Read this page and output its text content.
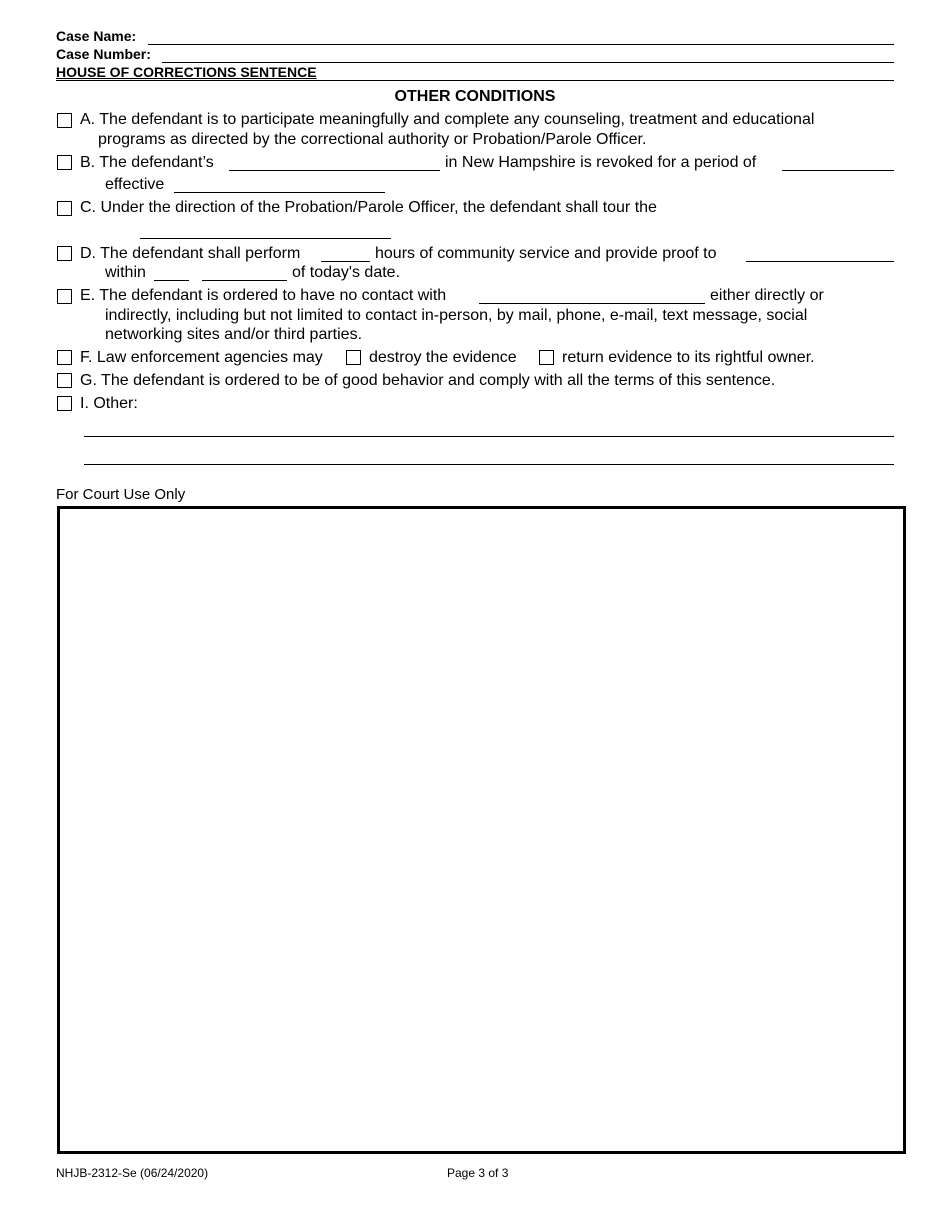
Case Name:
Case Number:
HOUSE OF CORRECTIONS SENTENCE
OTHER CONDITIONS
A. The defendant is to participate meaningfully and complete any counseling, treatment and educational
programs as directed by the correctional authority or Probation/Parole Officer.
B. The defendant’s	in New Hampshire is revoked for a period of
effective
C. Under the direction of the Probation/Parole Officer, the defendant shall tour the
D. The defendant shall perform	hours of community service and provide proof to
within	of today's date.
E. The defendant is ordered to have no contact with	either directly or
indirectly, including but not limited to contact in-person, by mail, phone, e-mail, text message, social
networking sites and/or third parties.
F. Law enforcement agencies may	destroy the evidence	return evidence to its rightful owner.
G. The defendant is ordered to be of good behavior and comply with all the terms of this sentence.
I. Other:
For Court Use Only
NHJB-2312-Se (06/24/2020)	Page 3 of 3
